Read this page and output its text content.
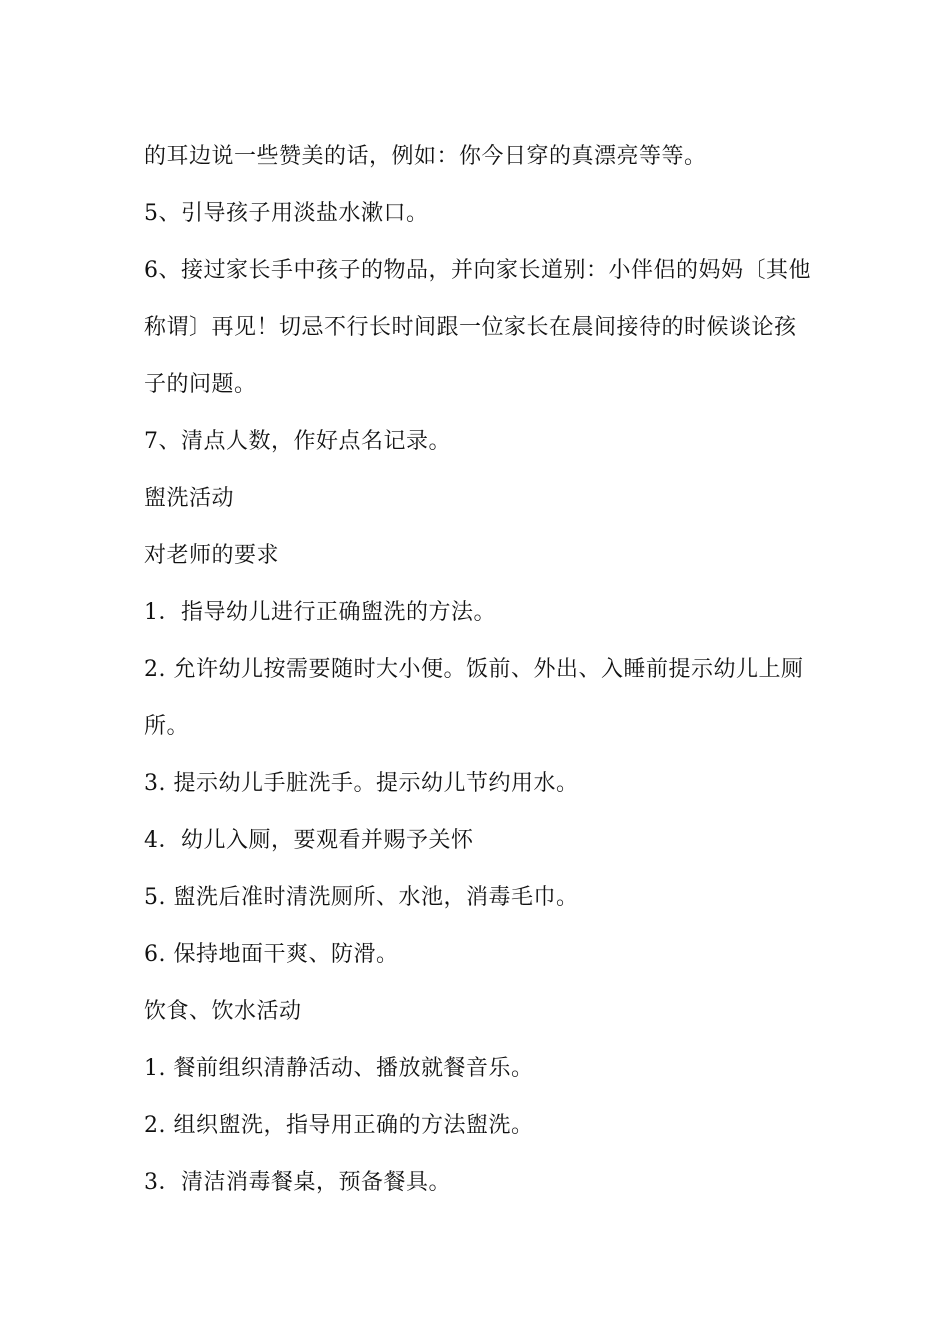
的耳边说一些赞美的话，例如：你今日穿的真漂亮等等。
5、引导孩子用淡盐水漱口。
6、接过家长手中孩子的物品，并向家长道别：小伴侣的妈妈〔其他
称谓〕再见！切忌不行长时间跟一位家长在晨间接待的时候谈论孩
子的问题。
7、清点人数，作好点名记录。
盥洗活动
对老师的要求
1．指导幼儿进行正确盥洗的方法。
2. 允许幼儿按需要随时大小便。饭前、外出、入睡前提示幼儿上厕
所。
3. 提示幼儿手脏洗手。提示幼儿节约用水。
4．幼儿入厕，要观看并赐予关怀
5. 盥洗后准时清洗厕所、水池，消毒毛巾。
6. 保持地面干爽、防滑。
饮食、饮水活动
1. 餐前组织清静活动、播放就餐音乐。
2. 组织盥洗，指导用正确的方法盥洗。
3．清洁消毒餐桌，预备餐具。
